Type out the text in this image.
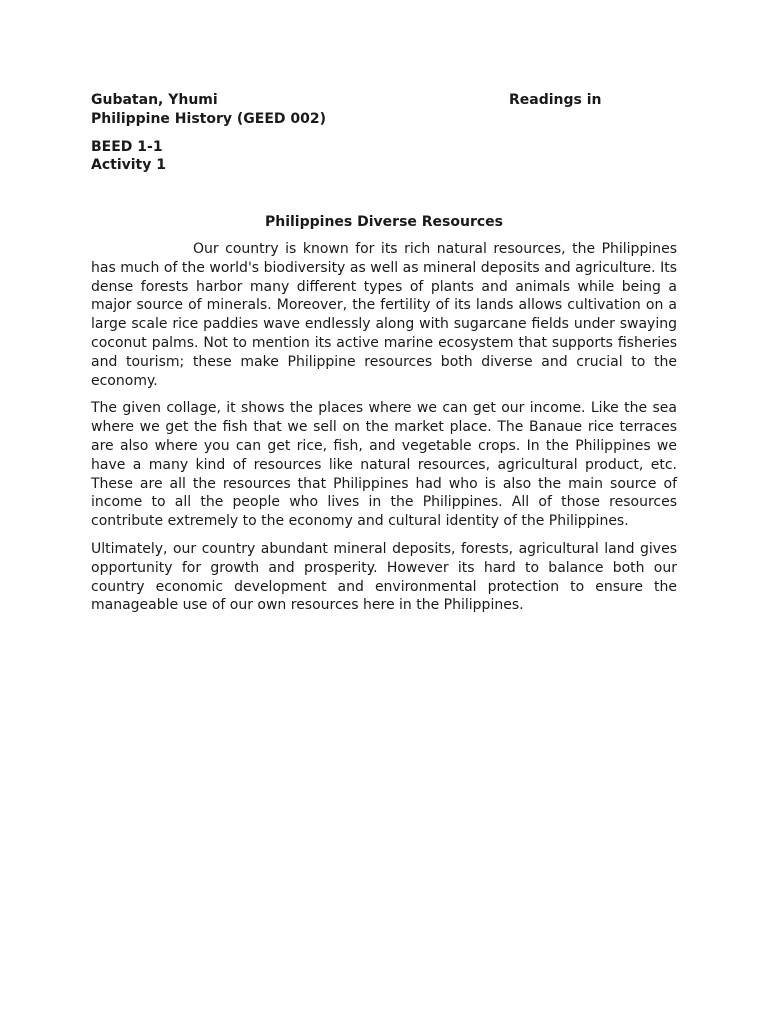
Gubatan, Yhumi	Readings in
Philippine History (GEED 002)
BEED 1-1
Activity 1
Philippines Diverse Resources

Our country is known for its rich natural resources, the Philippines has much of the world's biodiversity as well as mineral deposits and agriculture. Its dense forests harbor many different types of plants and animals while being a major source of minerals. Moreover, the fertility of its lands allows cultivation on a large scale rice paddies wave endlessly along with sugarcane fields under swaying coconut palms. Not to mention its active marine ecosystem that supports fisheries and tourism; these make Philippine resources both diverse and crucial to the economy.

The given collage, it shows the places where we can get our income. Like the sea where we get the fish that we sell on the market place. The Banaue rice terraces are also where you can get rice, fish, and vegetable crops. In the Philippines we have a many kind of resources like natural resources, agricultural product, etc. These are all the resources that Philippines had who is also the main source of income to all the people who lives in the Philippines. All of those resources contribute extremely to the economy and cultural identity of the Philippines.

Ultimately, our country abundant mineral deposits, forests, agricultural land gives opportunity for growth and prosperity. However its hard to balance both our country economic development and environmental protection to ensure the manageable use of our own resources here in the Philippines.
